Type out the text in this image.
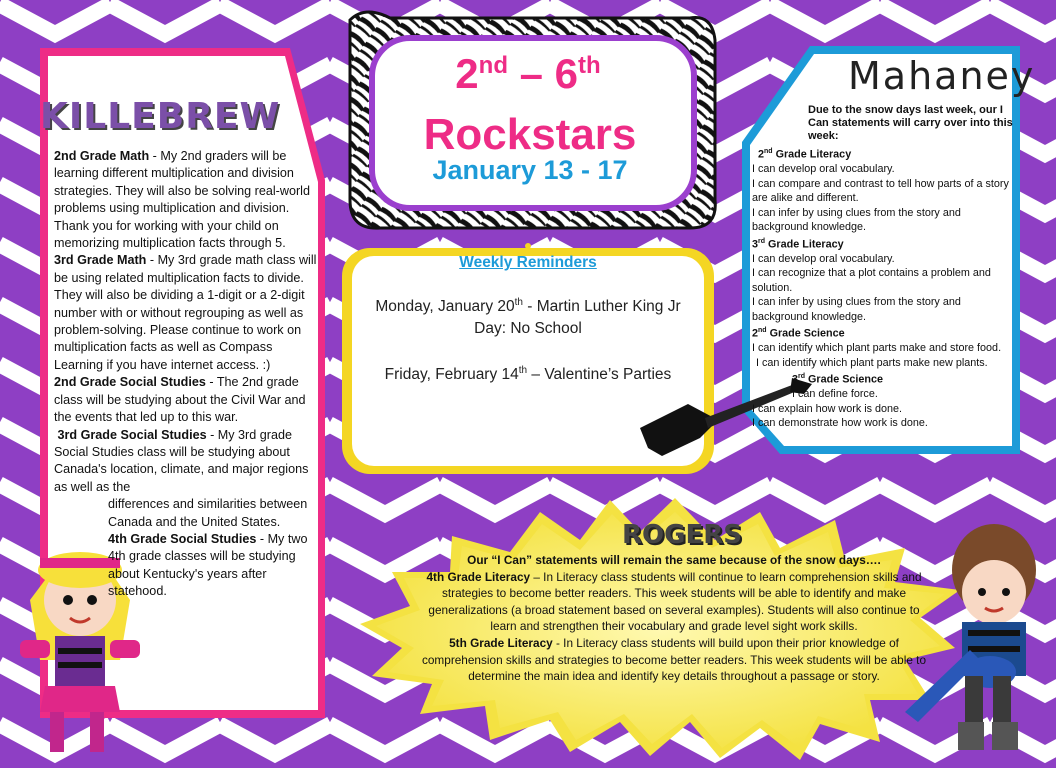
KILLEBREW
2nd Grade Math - My 2nd graders will be learning different multiplication and division strategies. They will also be solving real-world problems using multiplication and division. Thank you for working with your child on memorizing multiplication facts through 5.
3rd Grade Math - My 3rd grade math class will be using related multiplication facts to divide. They will also be dividing a 1-digit or a 2-digit number with or without regrouping as well as problem-solving. Please continue to work on multiplication facts as well as Compass Learning if you have internet access. :)
2nd Grade Social Studies - The 2nd grade class will be studying about the Civil War and the events that led up to this war.
3rd Grade Social Studies - My 3rd grade Social Studies class will be studying about Canada's location, climate, and major regions as well as the
differences and similarities between Canada and the United States.
4th Grade Social Studies - My two 4th grade classes will be studying about Kentucky's years after statehood.
2nd – 6th
Rockstars
January 13 - 17
Weekly Reminders
Monday, January 20th - Martin Luther King Jr Day: No School
Friday, February 14th – Valentine’s Parties
Mahaney
Due to the snow days last week, our I Can statements will carry over into this week:
2nd Grade Literacy
I can develop oral vocabulary.
I can compare and contrast to tell how parts of a story are alike and different.
I can infer by using clues from the story and background knowledge.
3rd Grade Literacy
I can develop oral vocabulary.
I can recognize that a plot contains a problem and solution.
I can infer by using clues from the story and background knowledge.
2nd Grade Science
I can identify which plant parts make and store food.
I can identify which plant parts make new plants.
3rd Grade Science
I can define force.
I can explain how work is done.
I can demonstrate how work is done.
ROGERS
Our “I Can” statements will remain the same because of the snow days….
4th Grade Literacy – In Literacy class students will continue to learn comprehension skills and strategies to become better readers. This week students will be able to identify and make generalizations (a broad statement based on several examples). Students will also continue to learn and strengthen their vocabulary and grade level sight work skills.
5th Grade Literacy - In Literacy class students will build upon their prior knowledge of comprehension skills and strategies to become better readers. This week students will be able to determine the main idea and identify key details throughout a passage or story.
